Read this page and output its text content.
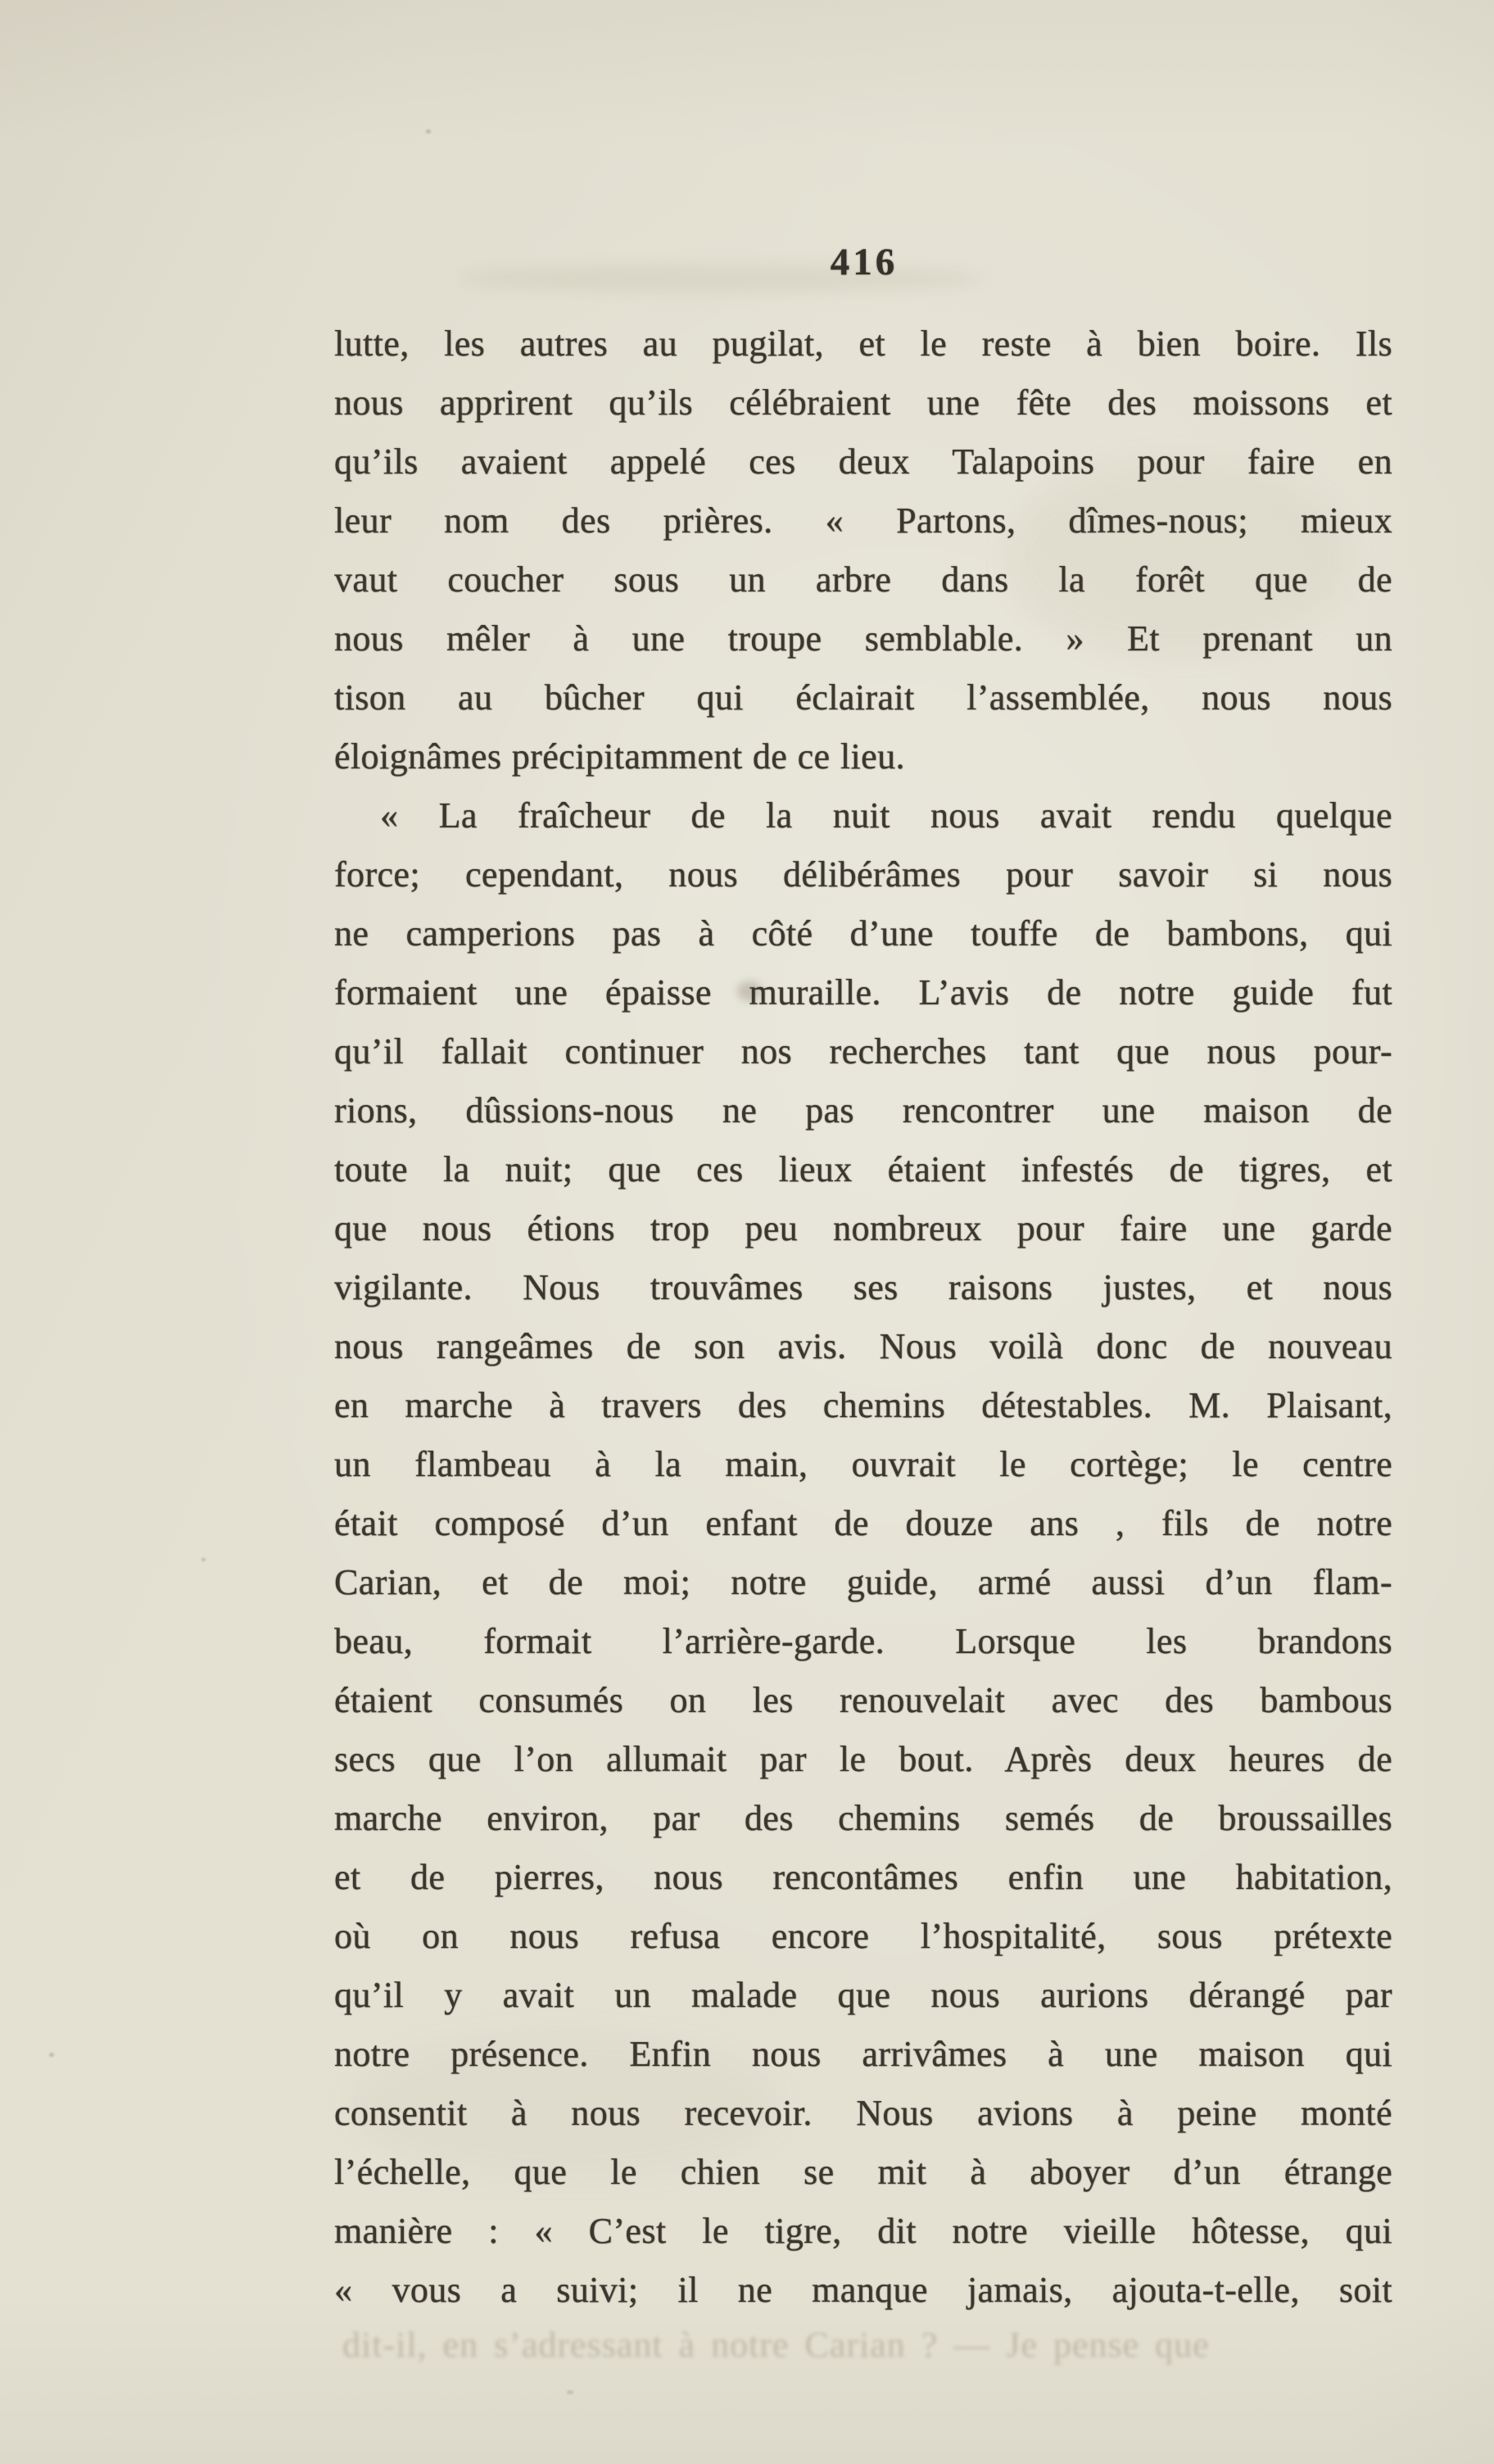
416
lutte, les autres au pugilat, et le reste à bien boire. Ils
nous apprirent qu’ils célébraient une fête des moissons et
qu’ils avaient appelé ces deux Talapoins pour faire en
leur nom des prières. « Partons, dîmes-nous; mieux
vaut coucher sous un arbre dans la forêt que de
nous mêler à une troupe semblable. » Et prenant un
tison au bûcher qui éclairait l’assemblée, nous nous
éloignâmes précipitamment de ce lieu.
« La fraîcheur de la nuit nous avait rendu quelque
force; cependant, nous délibérâmes pour savoir si nous
ne camperions pas à côté d’une touffe de bambons, qui
formaient une épaisse muraille. L’avis de notre guide fut
qu’il fallait continuer nos recherches tant que nous pour-
rions, dûssions-nous ne pas rencontrer une maison de
toute la nuit; que ces lieux étaient infestés de tigres, et
que nous étions trop peu nombreux pour faire une garde
vigilante. Nous trouvâmes ses raisons justes, et nous
nous rangeâmes de son avis. Nous voilà donc de nouveau
en marche à travers des chemins détestables. M. Plaisant,
un flambeau à la main, ouvrait le cortège; le centre
était composé d’un enfant de douze ans , fils de notre
Carian, et de moi; notre guide, armé aussi d’un flam-
beau, formait l’arrière-garde. Lorsque les brandons
étaient consumés on les renouvelait avec des bambous
secs que l’on allumait par le bout. Après deux heures de
marche environ, par des chemins semés de broussailles
et de pierres, nous rencontâmes enfin une habitation,
où on nous refusa encore l’hospitalité, sous prétexte
qu’il y avait un malade que nous aurions dérangé par
notre présence. Enfin nous arrivâmes à une maison qui
consentit à nous recevoir. Nous avions à peine monté
l’échelle, que le chien se mit à aboyer d’un étrange
manière : « C’est le tigre, dit notre vieille hôtesse, qui
« vous a suivi; il ne manque jamais, ajouta-t-elle, soit
dit-il, en s’adressant à notre Carian ? — Je pense que
